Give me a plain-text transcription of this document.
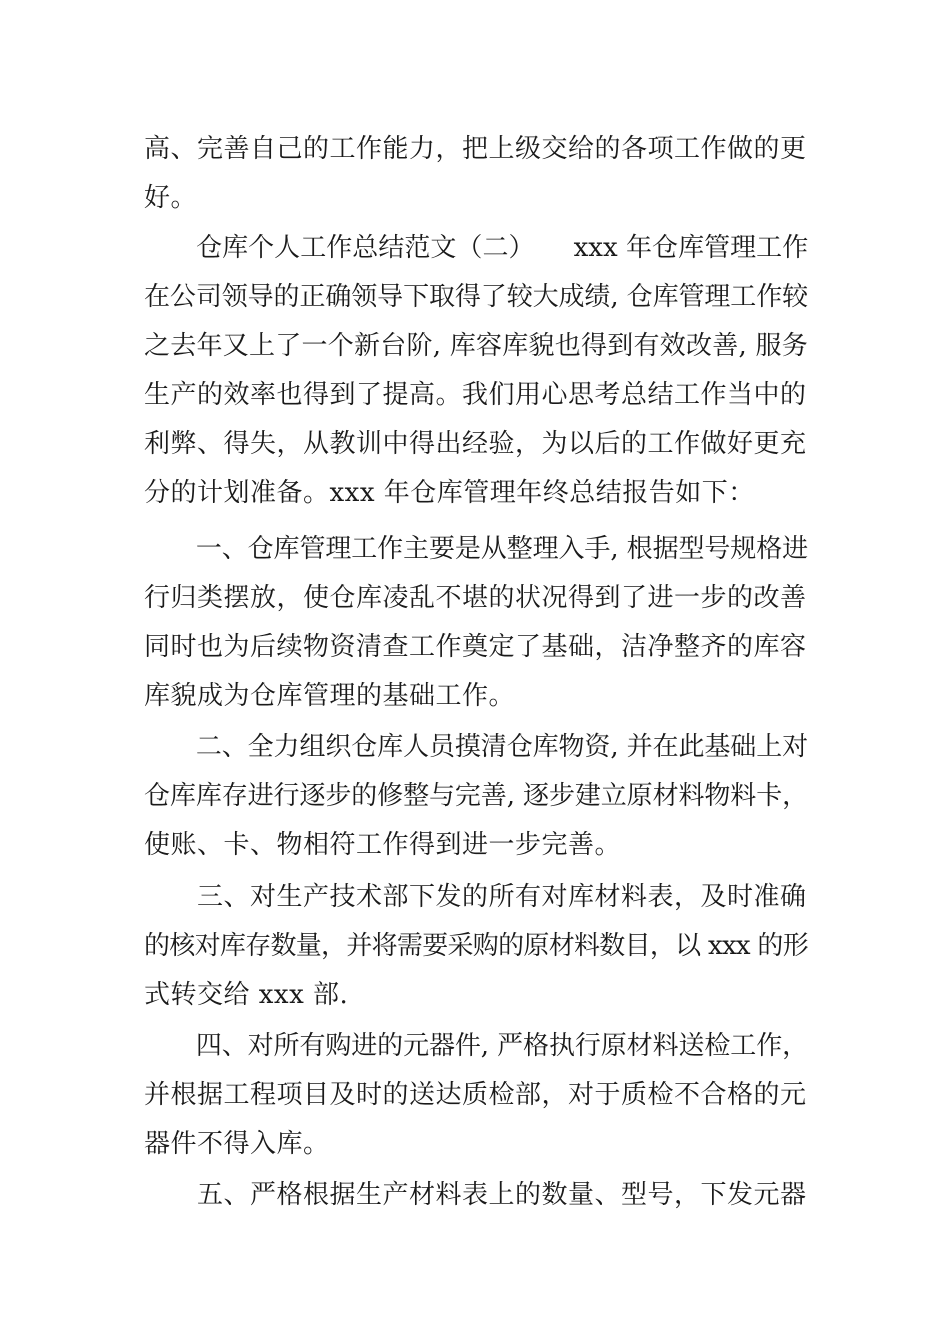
高、完善自己的工作能力，把上级交给的各项工作做的更
好。
　　仓库个人工作总结范文（二）　　xxx 年仓库管理工作
在公司领导的正确领导下取得了较大成绩, 仓库管理工作较
之去年又上了一个新台阶, 库容库貌也得到有效改善, 服务
生产的效率也得到了提高。我们用心思考总结工作当中的
利弊、得失，从教训中得出经验，为以后的工作做好更充
分的计划准备。xxx 年仓库管理年终总结报告如下：
　　一、仓库管理工作主要是从整理入手, 根据型号规格进
行归类摆放，使仓库凌乱不堪的状况得到了进一步的改善
同时也为后续物资清查工作奠定了基础，洁净整齐的库容
库貌成为仓库管理的基础工作。
　　二、全力组织仓库人员摸清仓库物资, 并在此基础上对
仓库库存进行逐步的修整与完善, 逐步建立原材料物料卡，
使账、卡、物相符工作得到进一步完善。
　　三、对生产技术部下发的所有对库材料表，及时准确
的核对库存数量，并将需要采购的原材料数目，以 xxx 的形
式转交给 xxx 部.
　　四、对所有购进的元器件, 严格执行原材料送检工作，
并根据工程项目及时的送达质检部，对于质检不合格的元
器件不得入库。
　　五、严格根据生产材料表上的数量、型号，下发元器
